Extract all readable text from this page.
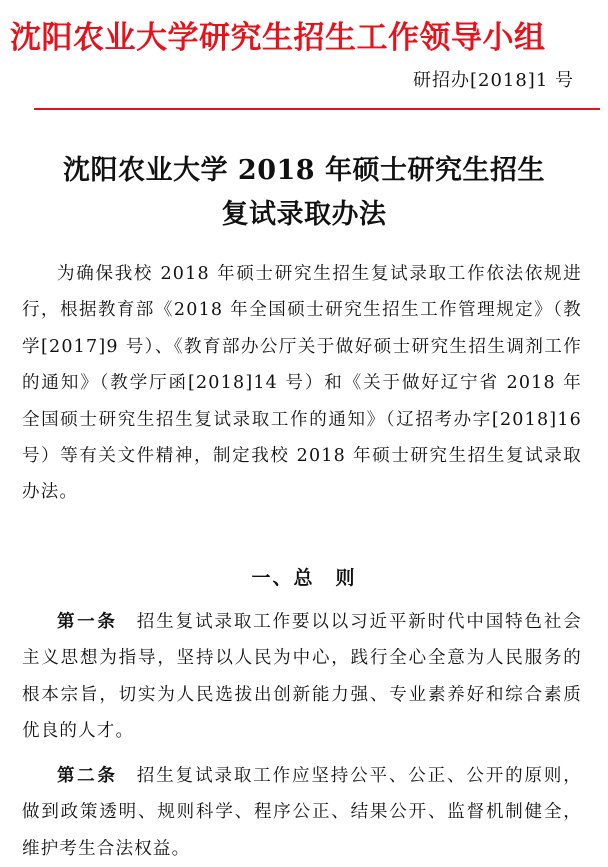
沈阳农业大学研究生招生工作领导小组
研招办[2018]1 号
沈阳农业大学 2018 年硕士研究生招生
复试录取办法

为确保我校 2018 年硕士研究生招生复试录取工作依法依规进行，根据教育部《2018 年全国硕士研究生招生工作管理规定》（教学[2017]9 号）、《教育部办公厅关于做好硕士研究生招生调剂工作的通知》（教学厅函[2018]14 号）和《关于做好辽宁省 2018 年全国硕士研究生招生复试录取工作的通知》（辽招考办字[2018]16 号）等有关文件精神，制定我校 2018 年硕士研究生招生复试录取办法。

一、总　则

第一条　招生复试录取工作要以以习近平新时代中国特色社会主义思想为指导，坚持以人民为中心，践行全心全意为人民服务的根本宗旨，切实为人民选拔出创新能力强、专业素养好和综合素质优良的人才。

第二条　招生复试录取工作应坚持公平、公正、公开的原则，做到政策透明、规则科学、程序公正、结果公开、监督机制健全，维护考生合法权益。
